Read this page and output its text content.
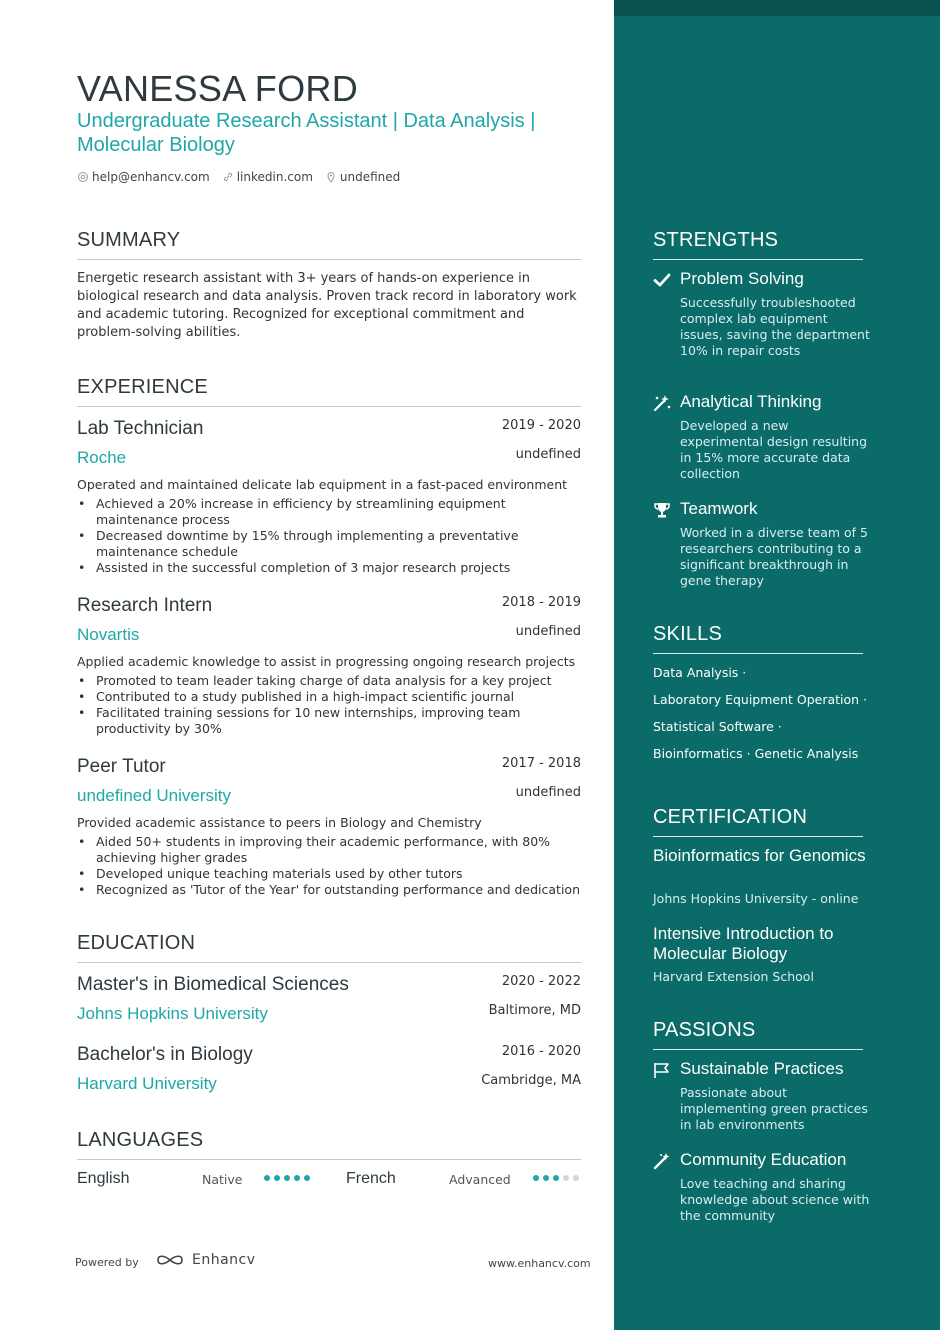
VANESSA FORD
Undergraduate Research Assistant | Data Analysis | Molecular Biology
help@enhancv.com linkedin.com undefined
SUMMARY
Energetic research assistant with 3+ years of hands-on experience in biological research and data analysis. Proven track record in laboratory work and academic tutoring. Recognized for exceptional commitment and problem-solving abilities.
EXPERIENCE
Lab Technician	2019 - 2020
Roche	undefined
Operated and maintained delicate lab equipment in a fast-paced environment
• Achieved a 20% increase in efficiency by streamlining equipment maintenance process
• Decreased downtime by 15% through implementing a preventative maintenance schedule
• Assisted in the successful completion of 3 major research projects
Research Intern	2018 - 2019
Novartis	undefined
Applied academic knowledge to assist in progressing ongoing research projects
• Promoted to team leader taking charge of data analysis for a key project
• Contributed to a study published in a high-impact scientific journal
• Facilitated training sessions for 10 new internships, improving team productivity by 30%
Peer Tutor	2017 - 2018
undefined University	undefined
Provided academic assistance to peers in Biology and Chemistry
• Aided 50+ students in improving their academic performance, with 80% achieving higher grades
• Developed unique teaching materials used by other tutors
• Recognized as 'Tutor of the Year' for outstanding performance and dedication
EDUCATION
Master's in Biomedical Sciences	2020 - 2022
Johns Hopkins University	Baltimore, MD
Bachelor's in Biology	2016 - 2020
Harvard University	Cambridge, MA
LANGUAGES
English	Native	French	Advanced
Powered by	Enhancv	www.enhancv.com
STRENGTHS
Problem Solving
Successfully troubleshooted complex lab equipment issues, saving the department 10% in repair costs
Analytical Thinking
Developed a new experimental design resulting in 15% more accurate data collection
Teamwork
Worked in a diverse team of 5 researchers contributing to a significant breakthrough in gene therapy
SKILLS
Data Analysis ·
Laboratory Equipment Operation ·
Statistical Software ·
Bioinformatics · Genetic Analysis
CERTIFICATION
Bioinformatics for Genomics
Johns Hopkins University - online
Intensive Introduction to Molecular Biology
Harvard Extension School
PASSIONS
Sustainable Practices
Passionate about implementing green practices in lab environments
Community Education
Love teaching and sharing knowledge about science with the community
